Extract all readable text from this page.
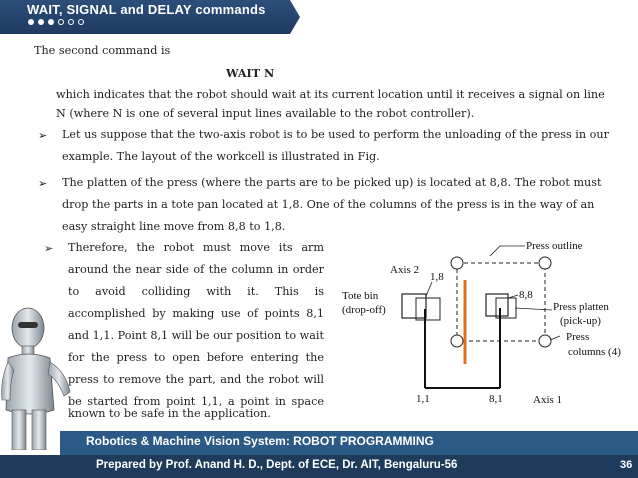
WAIT, SIGNAL and DELAY commands
The second command is
WAIT N
which indicates that the robot should wait at its current location until it receives a signal on line
N (where N is one of several input lines available to the robot controller).
➢ Let us suppose that the two-axis robot is to be used to perform the unloading of the press in our
example. The layout of the workcell is illustrated in Fig.
➢ The platten of the press (where the parts are to be picked up) is located at 8,8. The robot must
drop the parts in a tote pan located at 1,8. One of the columns of the press is in the way of an
easy straight line move from 8,8 to 1,8.
➢ Therefore, the robot must move its arm
around the near side of the column in order
to avoid colliding with it. This is
accomplished by making use of points 8,1
and 1,1. Point 8,1 will be our position to wait
for the press to open before entering the
press to remove the part, and the robot will
be started from point 1,1, a point in space
known to be safe in the application.
Press outline
Axis 2
1,8
8,8
Tote bin
(drop-off)	Press platten
(pick-up)
Press
columns (4)
1,1	8,1	Axis 1
Robotics & Machine Vision System: ROBOT PROGRAMMING
Prepared by Prof. Anand H. D., Dept. of ECE, Dr. AIT, Bengaluru-56	36
